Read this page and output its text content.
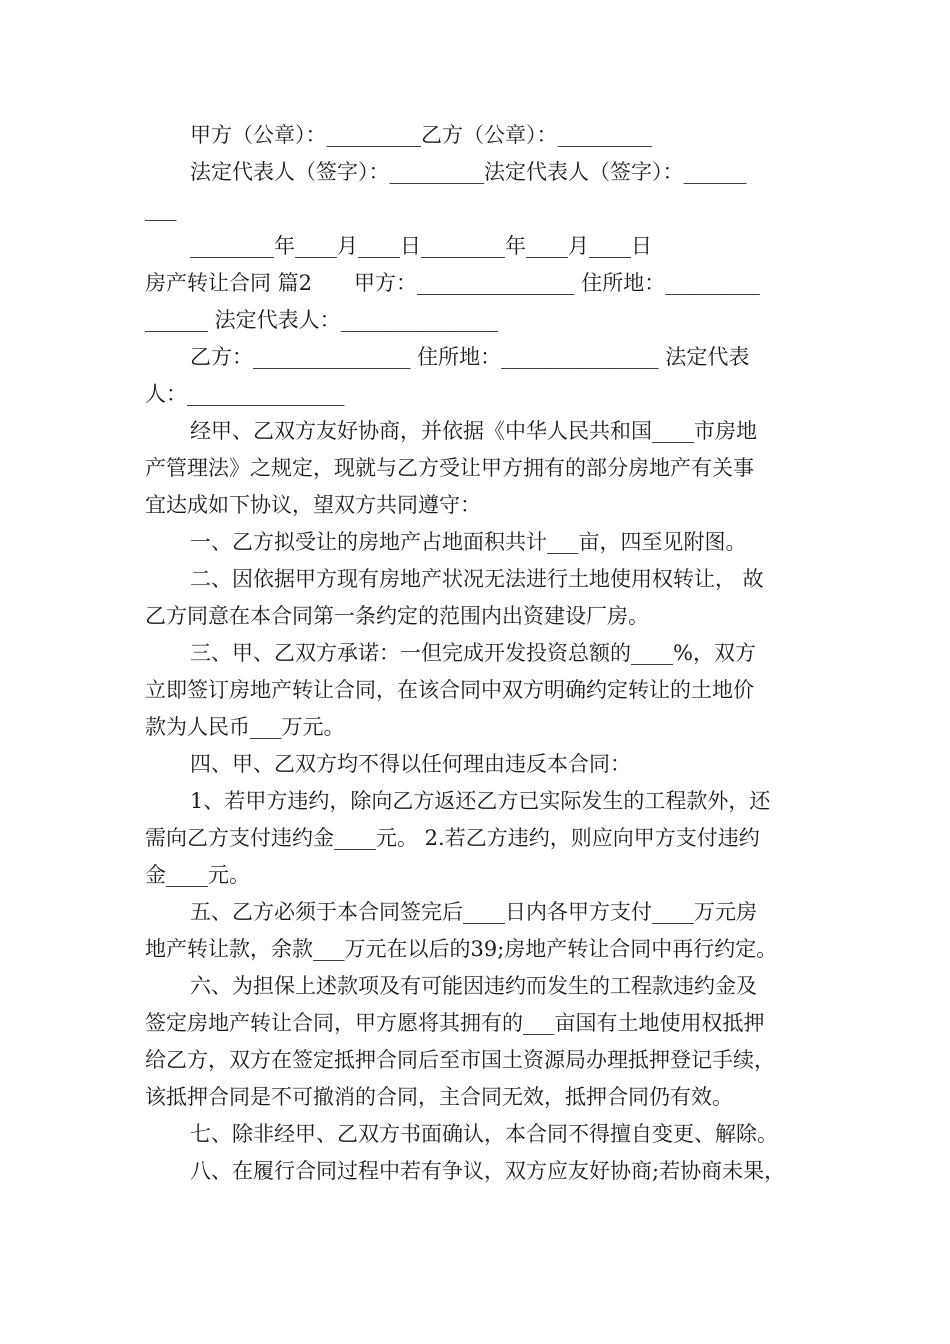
甲方（公章）：_________乙方（公章）：_________
法定代表人（签字）：_________法定代表人（签字）：______
___
________年____月____日________年____月____日
房产转让合同 篇2　　甲方：_______________ 住所地：_________
______ 法定代表人：_______________
乙方：_______________ 住所地：_______________ 法定代表
人：_______________
经甲、乙双方友好协商，并依据《中华人民共和国____市房地
产管理法》之规定，现就与乙方受让甲方拥有的部分房地产有关事
宜达成如下协议，望双方共同遵守：
一、乙方拟受让的房地产占地面积共计___亩，四至见附图。
二、因依据甲方现有房地产状况无法进行土地使用权转让， 故
乙方同意在本合同第一条约定的范围内出资建设厂房。
三、甲、乙双方承诺：一但完成开发投资总额的____%，双方
立即签订房地产转让合同，在该合同中双方明确约定转让的土地价
款为人民币___万元。
四、甲、乙双方均不得以任何理由违反本合同：
1、若甲方违约，除向乙方返还乙方已实际发生的工程款外，还
需向乙方支付违约金____元。 2.若乙方违约，则应向甲方支付违约
金____元。
五、乙方必须于本合同签完后____日内各甲方支付____万元房
地产转让款，余款___万元在以后的39;房地产转让合同中再行约定。
六、为担保上述款项及有可能因违约而发生的工程款违约金及
签定房地产转让合同，甲方愿将其拥有的___亩国有土地使用权抵押
给乙方，双方在签定抵押合同后至市国土资源局办理抵押登记手续，
该抵押合同是不可撤消的合同，主合同无效，抵押合同仍有效。
七、除非经甲、乙双方书面确认，本合同不得擅自变更、解除。
八、在履行合同过程中若有争议，双方应友好协商;若协商未果，
